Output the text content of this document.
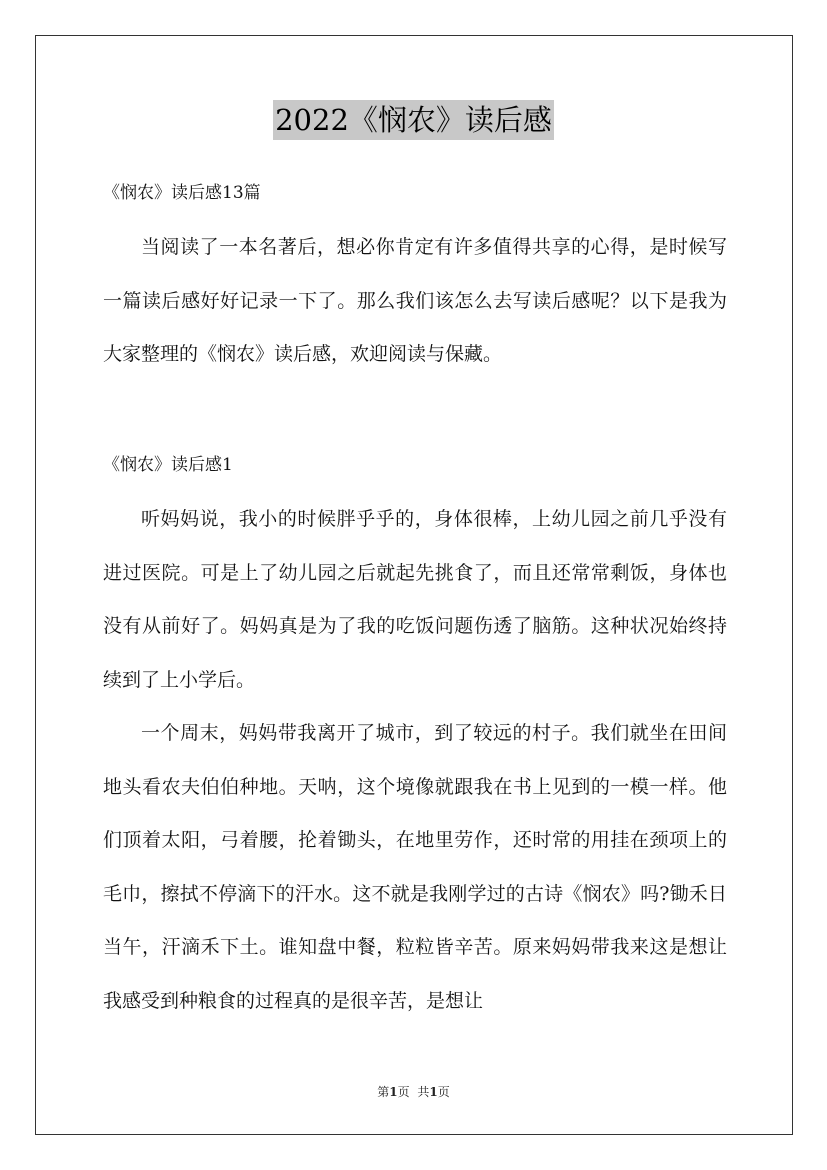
2022《悯农》读后感
《悯农》读后感13篇

当阅读了一本名著后，想必你肯定有许多值得共享的心得，是时候写一篇读后感好好记录一下了。那么我们该怎么去写读后感呢？以下是我为大家整理的《悯农》读后感，欢迎阅读与保藏。

《悯农》读后感1

听妈妈说，我小的时候胖乎乎的，身体很棒，上幼儿园之前几乎没有进过医院。可是上了幼儿园之后就起先挑食了，而且还常常剩饭，身体也没有从前好了。妈妈真是为了我的吃饭问题伤透了脑筋。这种状况始终持续到了上小学后。

一个周末，妈妈带我离开了城市，到了较远的村子。我们就坐在田间地头看农夫伯伯种地。天呐，这个境像就跟我在书上见到的一模一样。他们顶着太阳，弓着腰，抡着锄头，在地里劳作，还时常的用挂在颈项上的毛巾，擦拭不停滴下的汗水。这不就是我刚学过的古诗《悯农》吗?锄禾日当午，汗滴禾下土。谁知盘中餐，粒粒皆辛苦。原来妈妈带我来这是想让我感受到种粮食的过程真的是很辛苦，是想让

第1页 共1页
